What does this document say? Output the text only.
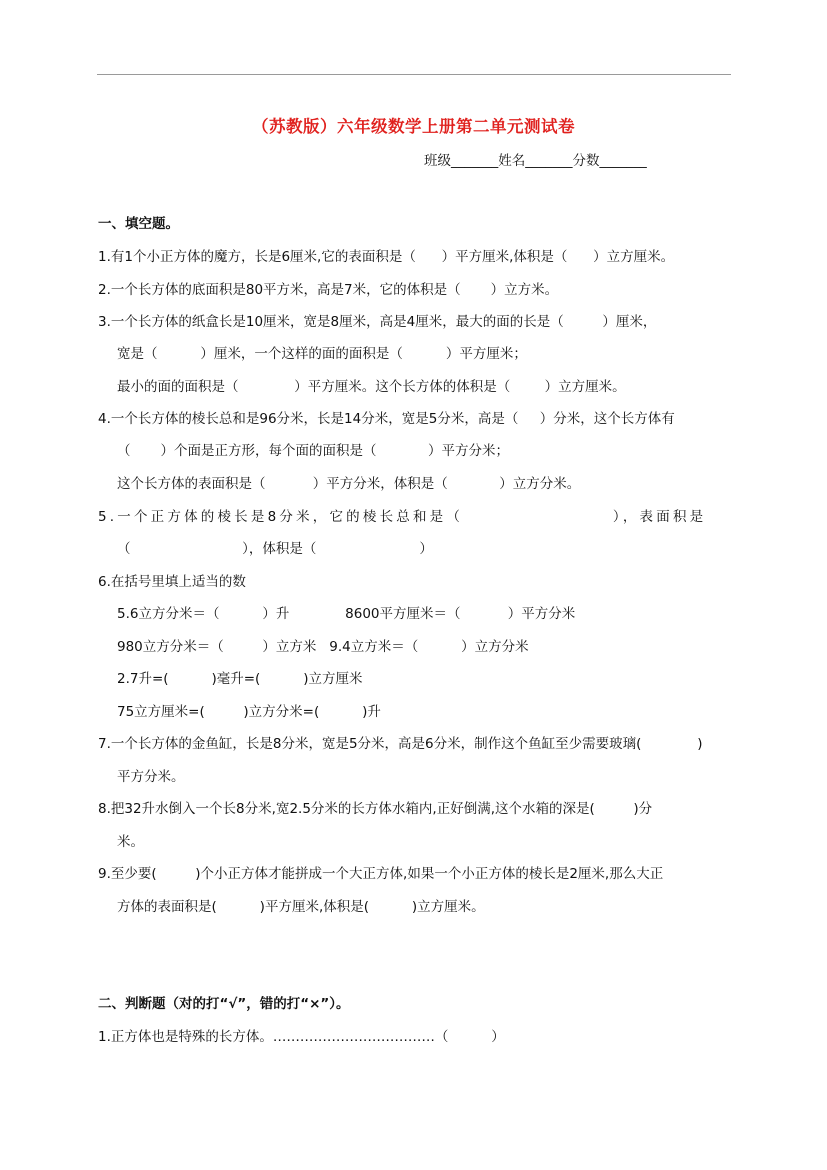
（苏教版）六年级数学上册第二单元测试卷
班级_______姓名_______分数_______
一、填空题。
1.有1个小正方体的魔方，长是6厘米,它的表面积是（      ）平方厘米,体积是（      ）立方厘米。
2.一个长方体的底面积是80平方米，高是7米，它的体积是（       ）立方米。
3.一个长方体的纸盒长是10厘米，宽是8厘米，高是4厘米，最大的面的长是（         ）厘米，
宽是（          ）厘米，一个这样的面的面积是（          ）平方厘米；
最小的面的面积是（             ）平方厘米。这个长方体的体积是（        ）立方厘米。
4.一个长方体的棱长总和是96分米，长是14分米，宽是5分米，高是（     ）分米，这个长方体有
（       ）个面是正方形，每个面的面积是（            ）平方分米；
这个长方体的表面积是（           ）平方分米，体积是（            ）立方分米。
5.一个正方体的棱长是8分米，它的棱长总和是（                    ），表面积是
（                          ），体积是（                        ）
6.在括号里填上适当的数
5.6立方分米＝（          ）升             8600平方厘米＝（           ）平方分米
980立方分米＝（         ）立方米   9.4立方米＝（          ）立方分米
2.7升=(          )毫升=(          )立方厘米
75立方厘米=(         )立方分米=(          )升
7.一个长方体的金鱼缸，长是8分米，宽是5分米，高是6分米，制作这个鱼缸至少需要玻璃(             )
平方分米。
8.把32升水倒入一个长8分米,宽2.5分米的长方体水箱内,正好倒满,这个水箱的深是(         )分
米。
9.至少要(         )个小正方体才能拼成一个大正方体,如果一个小正方体的棱长是2厘米,那么大正
方体的表面积是(          )平方厘米,体积是(          )立方厘米。
二、判断题（对的打“√”，错的打“×”）。
1.正方体也是特殊的长方体。………………………………（          ）
